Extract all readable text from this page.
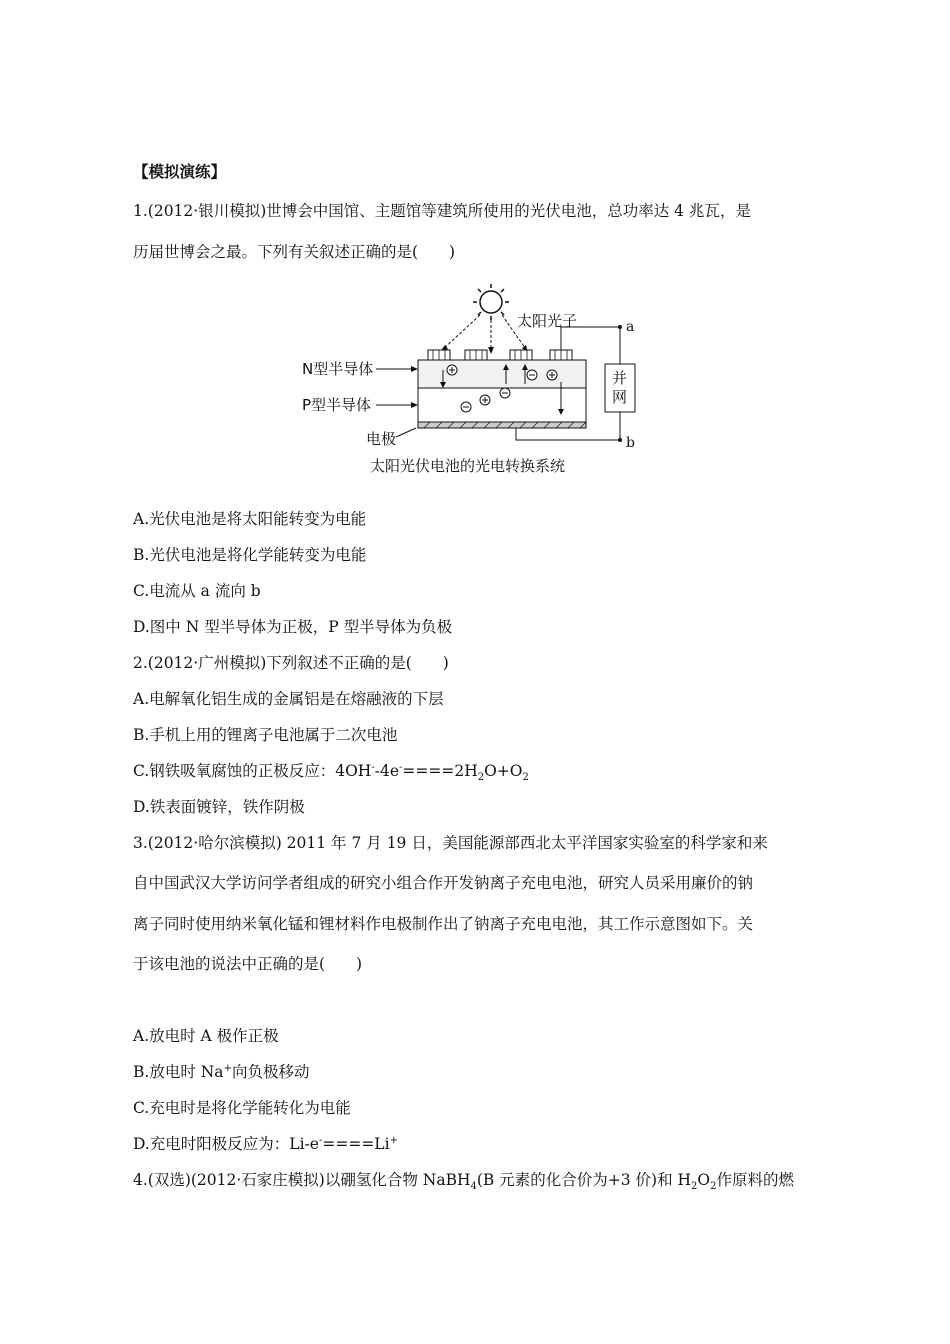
【模拟演练】
1.(2012·银川模拟)世博会中国馆、主题馆等建筑所使用的光伏电池，总功率达 4 兆瓦，是
历届世博会之最。下列有关叙述正确的是(　　)
太阳光子
N型半导体
P型半导体
电极
并
网
a
b
太阳光伏电池的光电转换系统
A.光伏电池是将太阳能转变为电能
B.光伏电池是将化学能转变为电能
C.电流从 a 流向 b
D.图中 N 型半导体为正极，P 型半导体为负极
2.(2012·广州模拟)下列叙述不正确的是(　　)
A.电解氧化铝生成的金属铝是在熔融液的下层
B.手机上用的锂离子电池属于二次电池
C.钢铁吸氧腐蚀的正极反应：$4OH^--4e^-====2H_2O+O_2$
D.铁表面镀锌，铁作阴极
3.(2012·哈尔滨模拟) 2011 年 7 月 19 日，美国能源部西北太平洋国家实验室的科学家和来
自中国武汉大学访问学者组成的研究小组合作开发钠离子充电电池，研究人员采用廉价的钠
离子同时使用纳米氧化锰和锂材料作电极制作出了钠离子充电电池，其工作示意图如下。关
于该电池的说法中正确的是(　　)
A.放电时 A 极作正极
B.放电时 Na+向负极移动
C.充电时是将化学能转化为电能
D.充电时阳极反应为：Li-e-====Li+
4.(双选)(2012·石家庄模拟)以硼氢化合物 NaBH$_4$(B 元素的化合价为+3 价)和 $H_2O_2$作原料的燃
